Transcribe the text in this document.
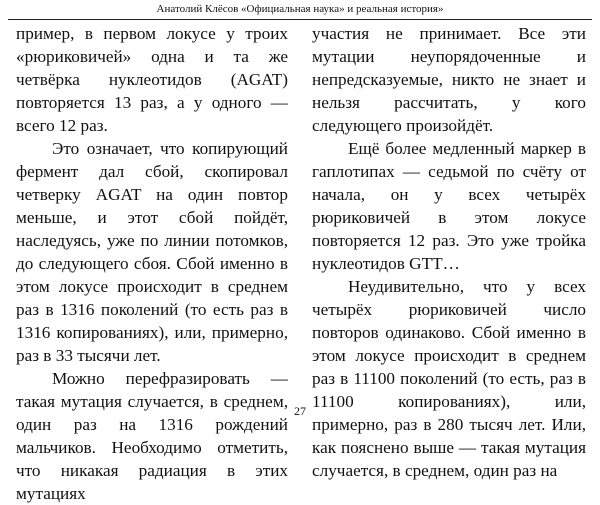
Анатолий Клёсов «Официальная наука» и реальная история»

пример, в первом локусе у троих «рюриковичей» одна и та же четвёрка нуклеотидов (AGAT) повторяется 13 раз, а у одного — всего 12 раз.

Это означает, что копирующий фермент дал сбой, скопировал четверку AGAT на один повтор меньше, и этот сбой пойдёт, наследуясь, уже по линии потомков, до следующего сбоя. Сбой именно в этом локусе происходит в среднем раз в 1316 поколений (то есть раз в 1316 копированиях), или, примерно, раз в 33 тысячи лет.

Можно перефразировать — такая мутация случается, в среднем, один раз на 1316 рождений мальчиков. Необходимо отметить, что никакая радиация в этих мутациях

участия не принимает. Все эти мутации неупорядоченные и непредсказуемые, никто не знает и нельзя рассчитать, у кого следующего произойдёт.

Ещё более медленный маркер в гаплотипах — седьмой по счёту от начала, он у всех четырёх рюриковичей в этом локусе повторяется 12 раз. Это уже тройка нуклеотидов GTT…

Неудивительно, что у всех четырёх рюриковичей число повторов одинаково. Сбой именно в этом локусе происходит в среднем раз в 11100 поколений (то есть, раз в 11100 копированиях), или, примерно, раз в 280 тысяч лет. Или, как пояснено выше — такая мутация случается, в среднем, один раз на

27
